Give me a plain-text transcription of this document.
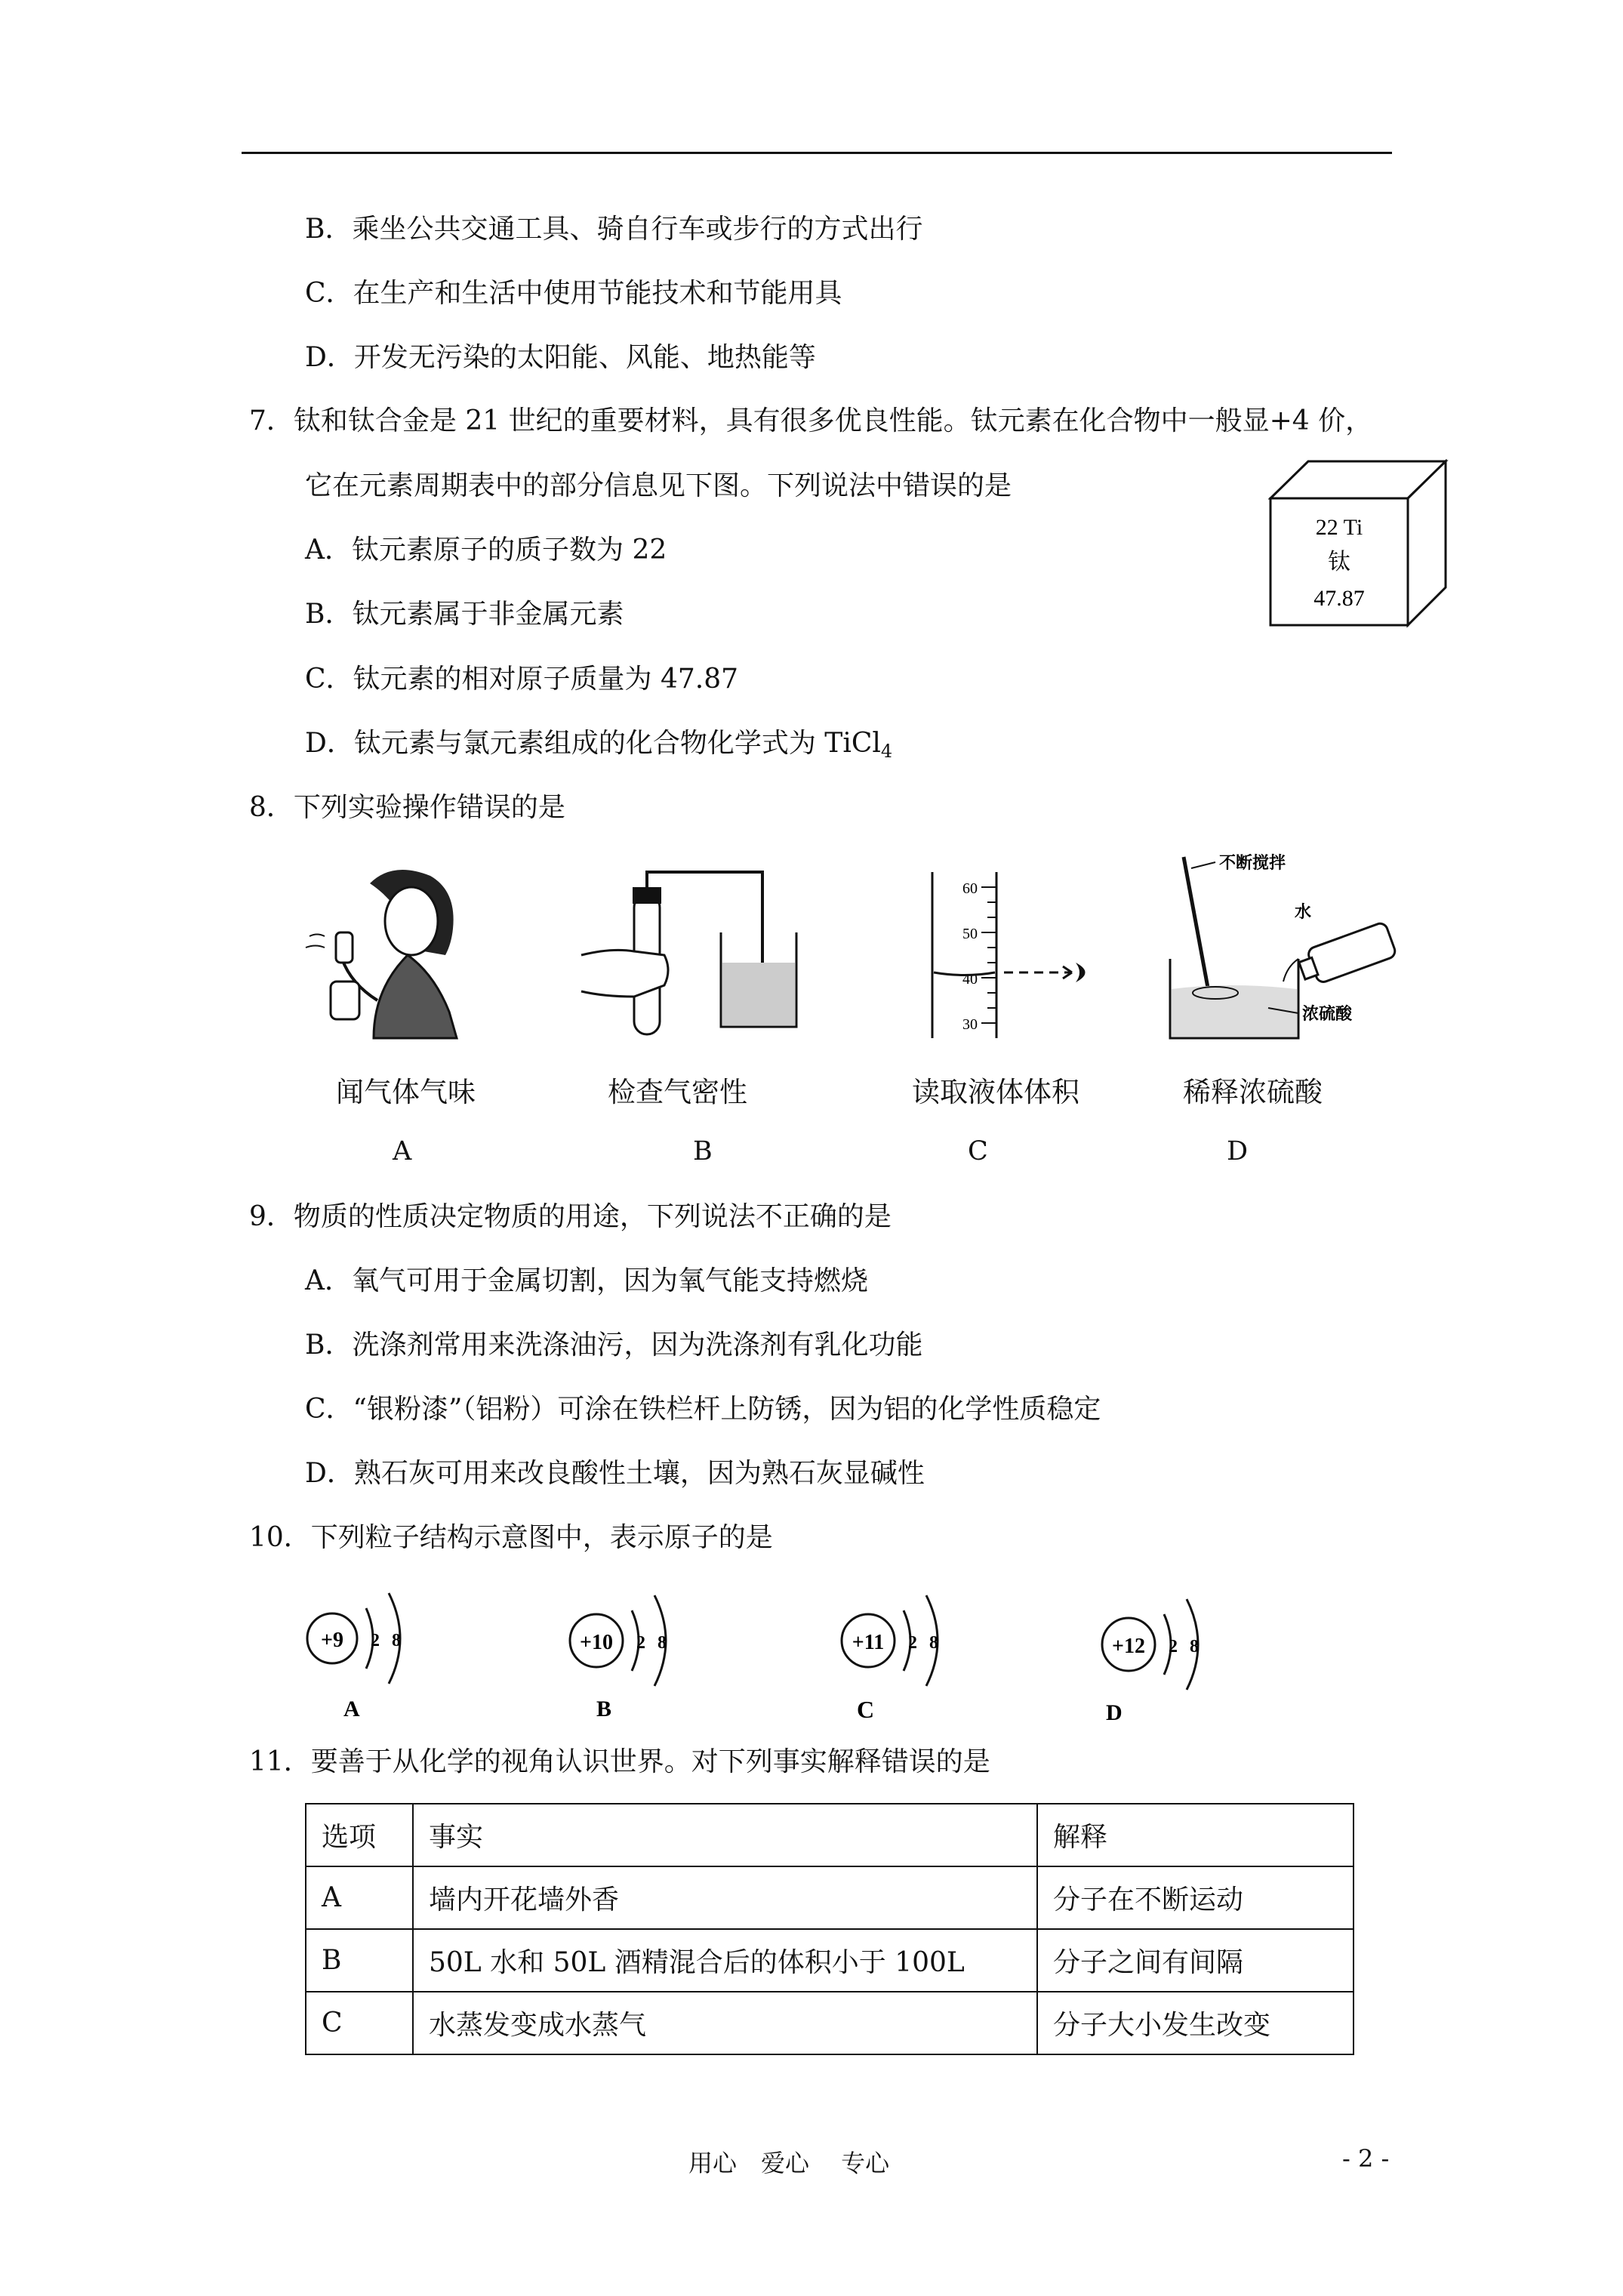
B．乘坐公共交通工具、骑自行车或步行的方式出行
C．在生产和生活中使用节能技术和节能用具
D．开发无污染的太阳能、风能、地热能等
7．钛和钛合金是 21 世纪的重要材料，具有很多优良性能。钛元素在化合物中一般显+4 价，
它在元素周期表中的部分信息见下图。下列说法中错误的是
A．钛元素原子的质子数为 22
B．钛元素属于非金属元素
C．钛元素的相对原子质量为 47.87
D．钛元素与氯元素组成的化合物化学式为 TiCl$_4$
22 Ti
钛
47.87
8．下列实验操作错误的是
60
50
40
30
不断搅拌
水
浓硫酸
闻气体气味	检查气密性	读取液体体积	稀释浓硫酸
A	B	C	D
9．物质的性质决定物质的用途，下列说法不正确的是
A．氧气可用于金属切割，因为氧气能支持燃烧
B．洗涤剂常用来洗涤油污，因为洗涤剂有乳化功能
C．“银粉漆”（铝粉）可涂在铁栏杆上防锈，因为铝的化学性质稳定
D．熟石灰可用来改良酸性土壤，因为熟石灰显碱性
10．下列粒子结构示意图中，表示原子的是
+9 2 8
A
+10 2 8
B
+11 2 8
C
+12 2 8
D
11．要善于从化学的视角认识世界。对下列事实解释错误的是
选项	事实	解释
A	墙内开花墙外香	分子在不断运动
B	50L 水和 50L 酒精混合后的体积小于 100L	分子之间有间隔
C	水蒸发变成水蒸气	分子大小发生改变
用心　爱心　 专心	- 2 -
